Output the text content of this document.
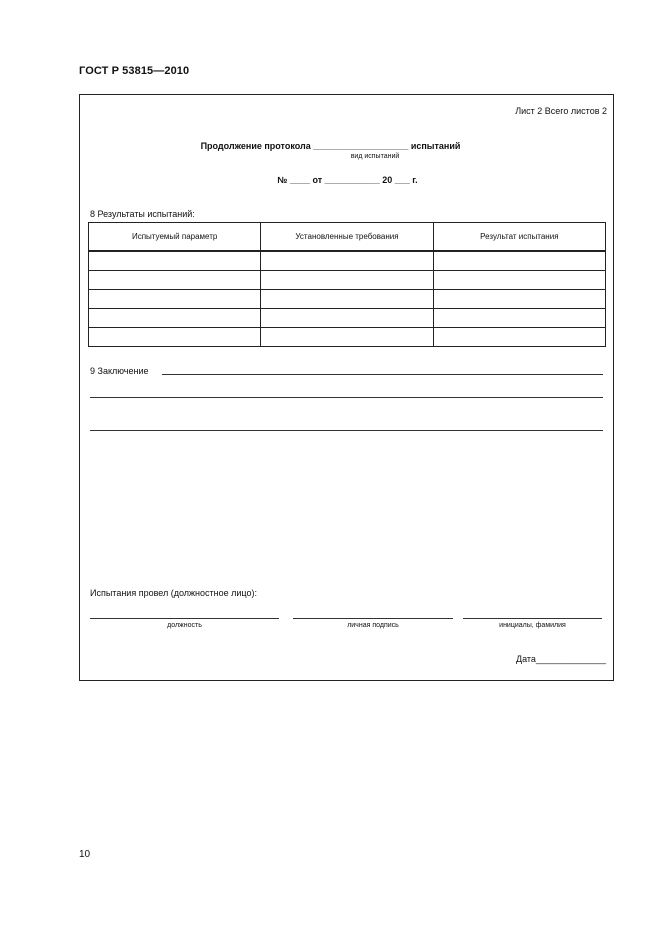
ГОСТ Р 53815—2010
Лист 2 Всего листов 2
Продолжение протокола ___________________ испытаний
вид испытаний
№ ____ от ___________ 20 ___ г.
8 Результаты испытаний:
Испытуемый параметр	Установленные требования	Результат испытания

9 Заключение
Испытания провел (должностное лицо):
должность	личная подпись	инициалы, фамилия
Дата______________
10
